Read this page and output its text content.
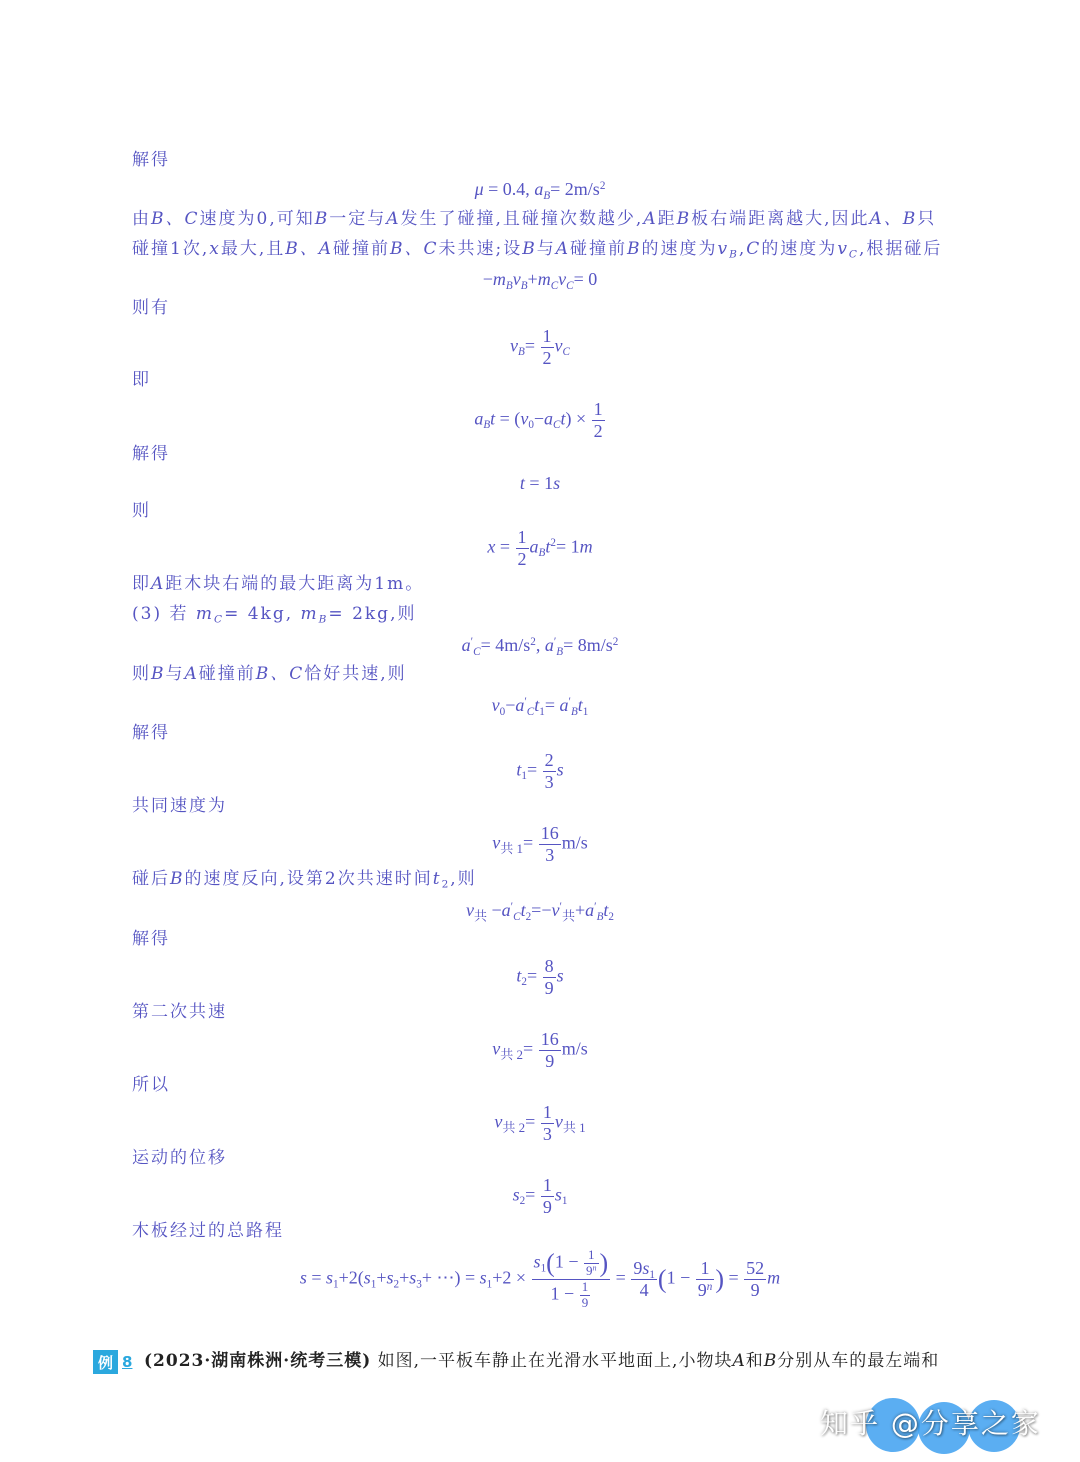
解得
μ = 0.4, $a_B= 2m/s^2$
由B、C速度为0,可知B一定与A发生了碰撞,且碰撞次数越少,A距B板右端距离越大,因此A、B只
碰撞1次,x最大,且B、A碰撞前B、C未共速;设B与A碰撞前B的速度为$v_B,C$的速度为$v_C$,根据碰后
$-m_Bv_B+m_Cv_C= 0$
则有
$v_B= \frac{1}{2} v_C$
即
$a_Bt = (v_0-a_Ct) \times \frac{1}{2}$
解得
t = 1s
则
$x = \frac{1}{2} a_Bt^2= 1m$
即A距木块右端的最大距离为1m。
(3) 若 $m_C= 4kg$, $m_B= 2kg$,则
$a'_C= 4m/s^2$, $a'_B= 8m/s^2$
则B与A碰撞前B、C恰好共速,则
$v_0-a'_Ct_1= a'_Bt_1$
解得
$t_1= \frac{2}{3}$ s
共同速度为
$v_{共 1}= \frac{16}{3} m/s$
碰后B的速度反向,设第2次共速时间$t_2$,则
$v_共 -a'_Ct_2=-v'_共+a'_Bt_2$
解得
$t_2= \frac{8}{9}$ s
第二次共速
$v_{共 2}= \frac{16}{9} m/s$
所以
$v_{共 2}= \frac{1}{3} v_{共 1}$
运动的位移
$s_2= \frac{1}{9} s_1$
木板经过的总路程
$s = s_1+2(s_1+s_2+s_3+$ ⋯) = $s_1+2 \times \frac{s_1(1 - \frac{1}{9^n} )}{1 - \frac{1}{9}} = \frac{9s_1}{4} (1 - \frac{1}{9^n}$ ) = $\frac{52}{9}$ m
例 8 (2023·湖南株洲·统考三模) 如图,一平板车静止在光滑水平地面上,小物块A和B分别从车的最左端和
知乎 @分享之家
